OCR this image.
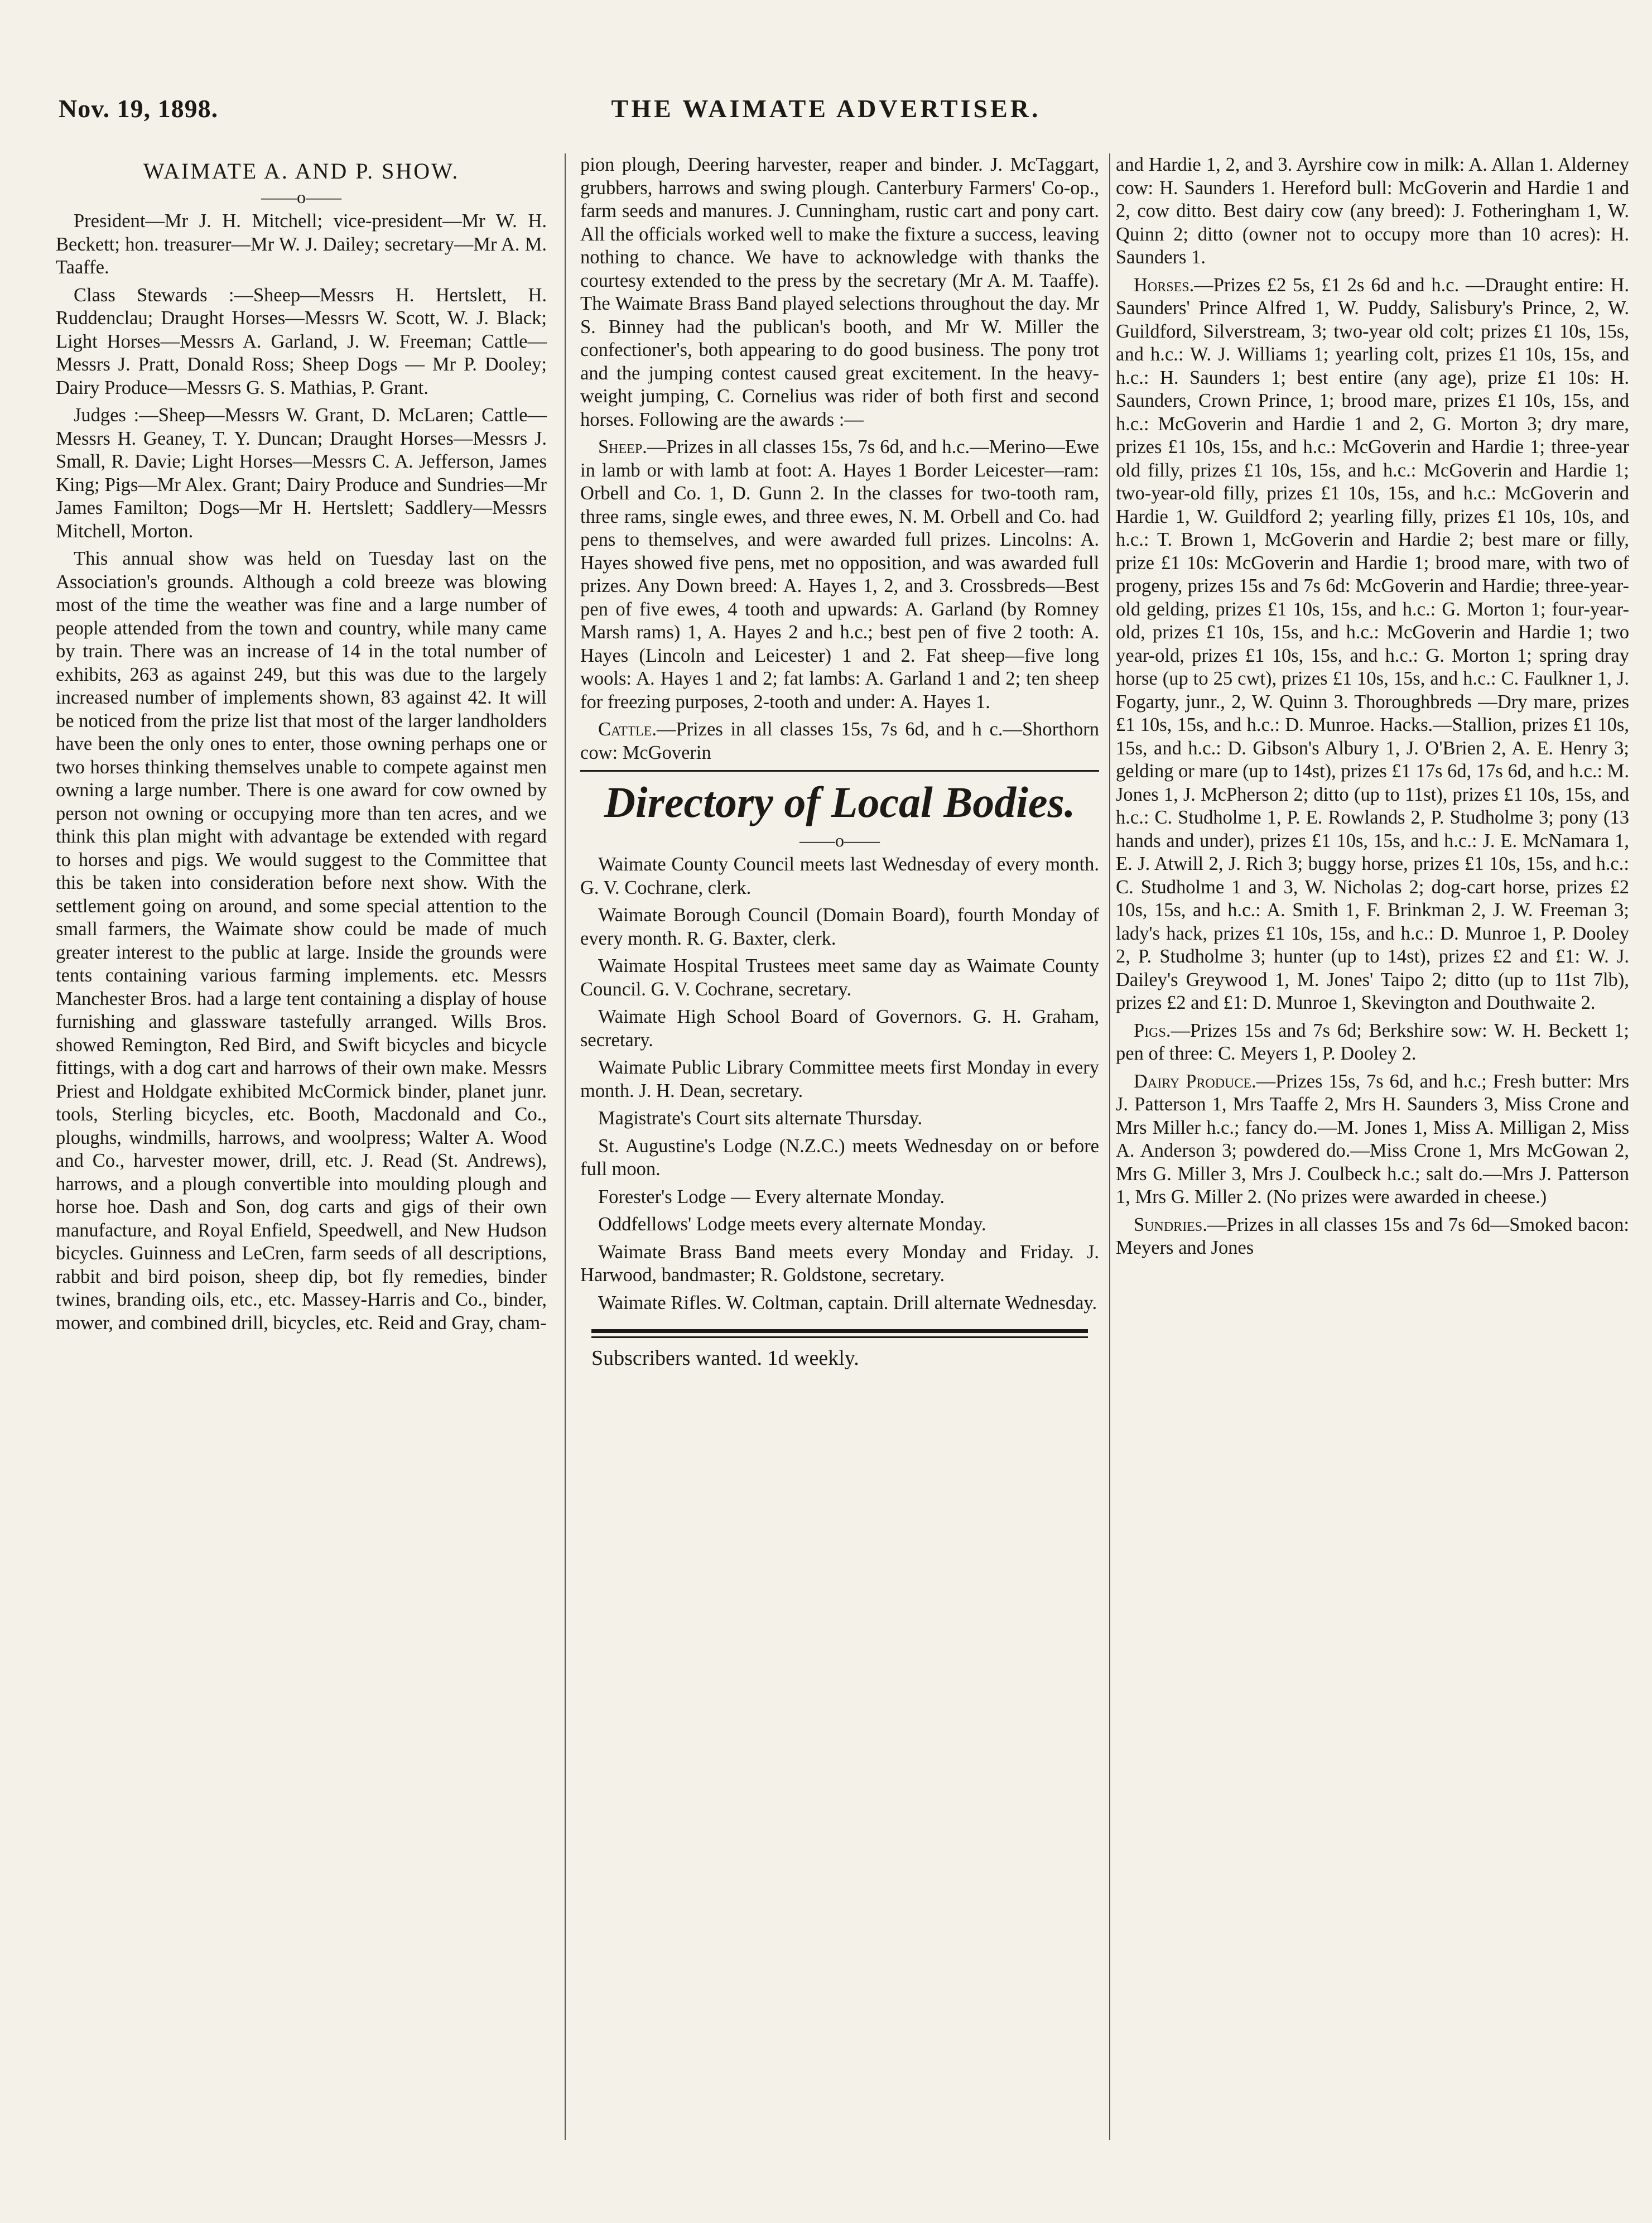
THE WAIMATE ADVERTISER.
Nov. 19, 1898.
WAIMATE A. AND P. SHOW.
——o——

President—Mr J. H. Mitchell; vice-president—Mr W. H. Beckett; hon. treasurer—Mr W. J. Dailey; secretary—Mr A. M. Taaffe.

Class Stewards :—Sheep—Messrs H. Hertslett, H. Ruddenclau; Draught Horses—Messrs W. Scott, W. J. Black; Light Horses—Messrs A. Garland, J. W. Freeman; Cattle—Messrs J. Pratt, Donald Ross; Sheep Dogs — Mr P. Dooley; Dairy Produce—Messrs G. S. Mathias, P. Grant.

Judges :—Sheep—Messrs W. Grant, D. McLaren; Cattle—Messrs H. Geaney, T. Y. Duncan; Draught Horses—Messrs J. Small, R. Davie; Light Horses—Messrs C. A. Jefferson, James King; Pigs—Mr Alex. Grant; Dairy Produce and Sundries—Mr James Familton; Dogs—Mr H. Hertslett; Saddlery—Messrs Mitchell, Morton.

This annual show was held on Tuesday last on the Association's grounds. Although a cold breeze was blowing most of the time the weather was fine and a large number of people attended from the town and country, while many came by train. There was an increase of 14 in the total number of exhibits, 263 as against 249, but this was due to the largely increased number of implements shown, 83 against 42. It will be noticed from the prize list that most of the larger landholders have been the only ones to enter, those owning perhaps one or two horses thinking themselves unable to compete against men owning a large number. There is one award for cow owned by person not owning or occupying more than ten acres, and we think this plan might with advantage be extended with regard to horses and pigs. We would suggest to the Committee that this be taken into consideration before next show. With the settlement going on around, and some special attention to the small farmers, the Waimate show could be made of much greater interest to the public at large. Inside the grounds were tents containing various farming implements. etc. Messrs Manchester Bros. had a large tent containing a display of house furnishing and glassware tastefully arranged. Wills Bros. showed Remington, Red Bird, and Swift bicycles and bicycle fittings, with a dog cart and harrows of their own make. Messrs Priest and Holdgate exhibited McCormick binder, planet junr. tools, Sterling bicycles, etc. Booth, Macdonald and Co., ploughs, windmills, harrows, and woolpress; Walter A. Wood and Co., harvester mower, drill, etc. J. Read (St. Andrews), harrows, and a plough convertible into moulding plough and horse hoe. Dash and Son, dog carts and gigs of their own manufacture, and Royal Enfield, Speedwell, and New Hudson bicycles. Guinness and LeCren, farm seeds of all descriptions, rabbit and bird poison, sheep dip, bot fly remedies, binder twines, branding oils, etc., etc. Massey-Harris and Co., binder, mower, and combined drill, bicycles, etc. Reid and Gray, cham-

pion plough, Deering harvester, reaper and binder. J. McTaggart, grubbers, harrows and swing plough. Canterbury Farmers' Co-op., farm seeds and manures. J. Cunningham, rustic cart and pony cart. All the officials worked well to make the fixture a success, leaving nothing to chance. We have to acknowledge with thanks the courtesy extended to the press by the secretary (Mr A. M. Taaffe). The Waimate Brass Band played selections throughout the day. Mr S. Binney had the publican's booth, and Mr W. Miller the confectioner's, both appearing to do good business. The pony trot and the jumping contest caused great excitement. In the heavy-weight jumping, C. Cornelius was rider of both first and second horses. Following are the awards :—

Sheep.—Prizes in all classes 15s, 7s 6d, and h.c.—Merino—Ewe in lamb or with lamb at foot: A. Hayes 1 Border Leicester—ram: Orbell and Co. 1, D. Gunn 2. In the classes for two-tooth ram, three rams, single ewes, and three ewes, N. M. Orbell and Co. had pens to themselves, and were awarded full prizes. Lincolns: A. Hayes showed five pens, met no opposition, and was awarded full prizes. Any Down breed: A. Hayes 1, 2, and 3. Crossbreds—Best pen of five ewes, 4 tooth and upwards: A. Garland (by Romney Marsh rams) 1, A. Hayes 2 and h.c.; best pen of five 2 tooth: A. Hayes (Lincoln and Leicester) 1 and 2. Fat sheep—five long wools: A. Hayes 1 and 2; fat lambs: A. Garland 1 and 2; ten sheep for freezing purposes, 2-tooth and under: A. Hayes 1.

Cattle.—Prizes in all classes 15s, 7s 6d, and h c.—Shorthorn cow: McGoverin

Directory of Local Bodies.
——o——

Waimate County Council meets last Wednesday of every month. G. V. Cochrane, clerk.

Waimate Borough Council (Domain Board), fourth Monday of every month. R. G. Baxter, clerk.

Waimate Hospital Trustees meet same day as Waimate County Council. G. V. Cochrane, secretary.

Waimate High School Board of Governors. G. H. Graham, secretary.

Waimate Public Library Committee meets first Monday in every month. J. H. Dean, secretary.

Magistrate's Court sits alternate Thursday.

St. Augustine's Lodge (N.Z.C.) meets Wednesday on or before full moon.

Forester's Lodge — Every alternate Monday.

Oddfellows' Lodge meets every alternate Monday.

Waimate Brass Band meets every Monday and Friday. J. Harwood, bandmaster; R. Goldstone, secretary.

Waimate Rifles. W. Coltman, captain. Drill alternate Wednesday.

Subscribers wanted. 1d weekly.

and Hardie 1, 2, and 3. Ayrshire cow in milk: A. Allan 1. Alderney cow: H. Saunders 1. Hereford bull: McGoverin and Hardie 1 and 2, cow ditto. Best dairy cow (any breed): J. Fotheringham 1, W. Quinn 2; ditto (owner not to occupy more than 10 acres): H. Saunders 1.

Horses.—Prizes £2 5s, £1 2s 6d and h.c. —Draught entire: H. Saunders' Prince Alfred 1, W. Puddy, Salisbury's Prince, 2, W. Guildford, Silverstream, 3; two-year old colt; prizes £1 10s, 15s, and h.c.: W. J. Williams 1; yearling colt, prizes £1 10s, 15s, and h.c.: H. Saunders 1; best entire (any age), prize £1 10s: H. Saunders, Crown Prince, 1; brood mare, prizes £1 10s, 15s, and h.c.: McGoverin and Hardie 1 and 2, G. Morton 3; dry mare, prizes £1 10s, 15s, and h.c.: McGoverin and Hardie 1; three-year old filly, prizes £1 10s, 15s, and h.c.: McGoverin and Hardie 1; two-year-old filly, prizes £1 10s, 15s, and h.c.: McGoverin and Hardie 1, W. Guildford 2; yearling filly, prizes £1 10s, 10s, and h.c.: T. Brown 1, McGoverin and Hardie 2; best mare or filly, prize £1 10s: McGoverin and Hardie 1; brood mare, with two of progeny, prizes 15s and 7s 6d: McGoverin and Hardie; three-year-old gelding, prizes £1 10s, 15s, and h.c.: G. Morton 1; four-year-old, prizes £1 10s, 15s, and h.c.: McGoverin and Hardie 1; two year-old, prizes £1 10s, 15s, and h.c.: G. Morton 1; spring dray horse (up to 25 cwt), prizes £1 10s, 15s, and h.c.: C. Faulkner 1, J. Fogarty, junr., 2, W. Quinn 3. Thoroughbreds —Dry mare, prizes £1 10s, 15s, and h.c.: D. Munroe. Hacks.—Stallion, prizes £1 10s, 15s, and h.c.: D. Gibson's Albury 1, J. O'Brien 2, A. E. Henry 3; gelding or mare (up to 14st), prizes £1 17s 6d, 17s 6d, and h.c.: M. Jones 1, J. McPherson 2; ditto (up to 11st), prizes £1 10s, 15s, and h.c.: C. Studholme 1, P. E. Rowlands 2, P. Studholme 3; pony (13 hands and under), prizes £1 10s, 15s, and h.c.: J. E. McNamara 1, E. J. Atwill 2, J. Rich 3; buggy horse, prizes £1 10s, 15s, and h.c.: C. Studholme 1 and 3, W. Nicholas 2; dog-cart horse, prizes £2 10s, 15s, and h.c.: A. Smith 1, F. Brinkman 2, J. W. Freeman 3; lady's hack, prizes £1 10s, 15s, and h.c.: D. Munroe 1, P. Dooley 2, P. Studholme 3; hunter (up to 14st), prizes £2 and £1: W. J. Dailey's Greywood 1, M. Jones' Taipo 2; ditto (up to 11st 7lb), prizes £2 and £1: D. Munroe 1, Skevington and Douthwaite 2.

Pigs.—Prizes 15s and 7s 6d; Berkshire sow: W. H. Beckett 1; pen of three: C. Meyers 1, P. Dooley 2.

Dairy Produce.—Prizes 15s, 7s 6d, and h.c.; Fresh butter: Mrs J. Patterson 1, Mrs Taaffe 2, Mrs H. Saunders 3, Miss Crone and Mrs Miller h.c.; fancy do.—M. Jones 1, Miss A. Milligan 2, Miss A. Anderson 3; powdered do.—Miss Crone 1, Mrs McGowan 2, Mrs G. Miller 3, Mrs J. Coulbeck h.c.; salt do.—Mrs J. Patterson 1, Mrs G. Miller 2. (No prizes were awarded in cheese.)

Sundries.—Prizes in all classes 15s and 7s 6d—Smoked bacon: Meyers and Jones
